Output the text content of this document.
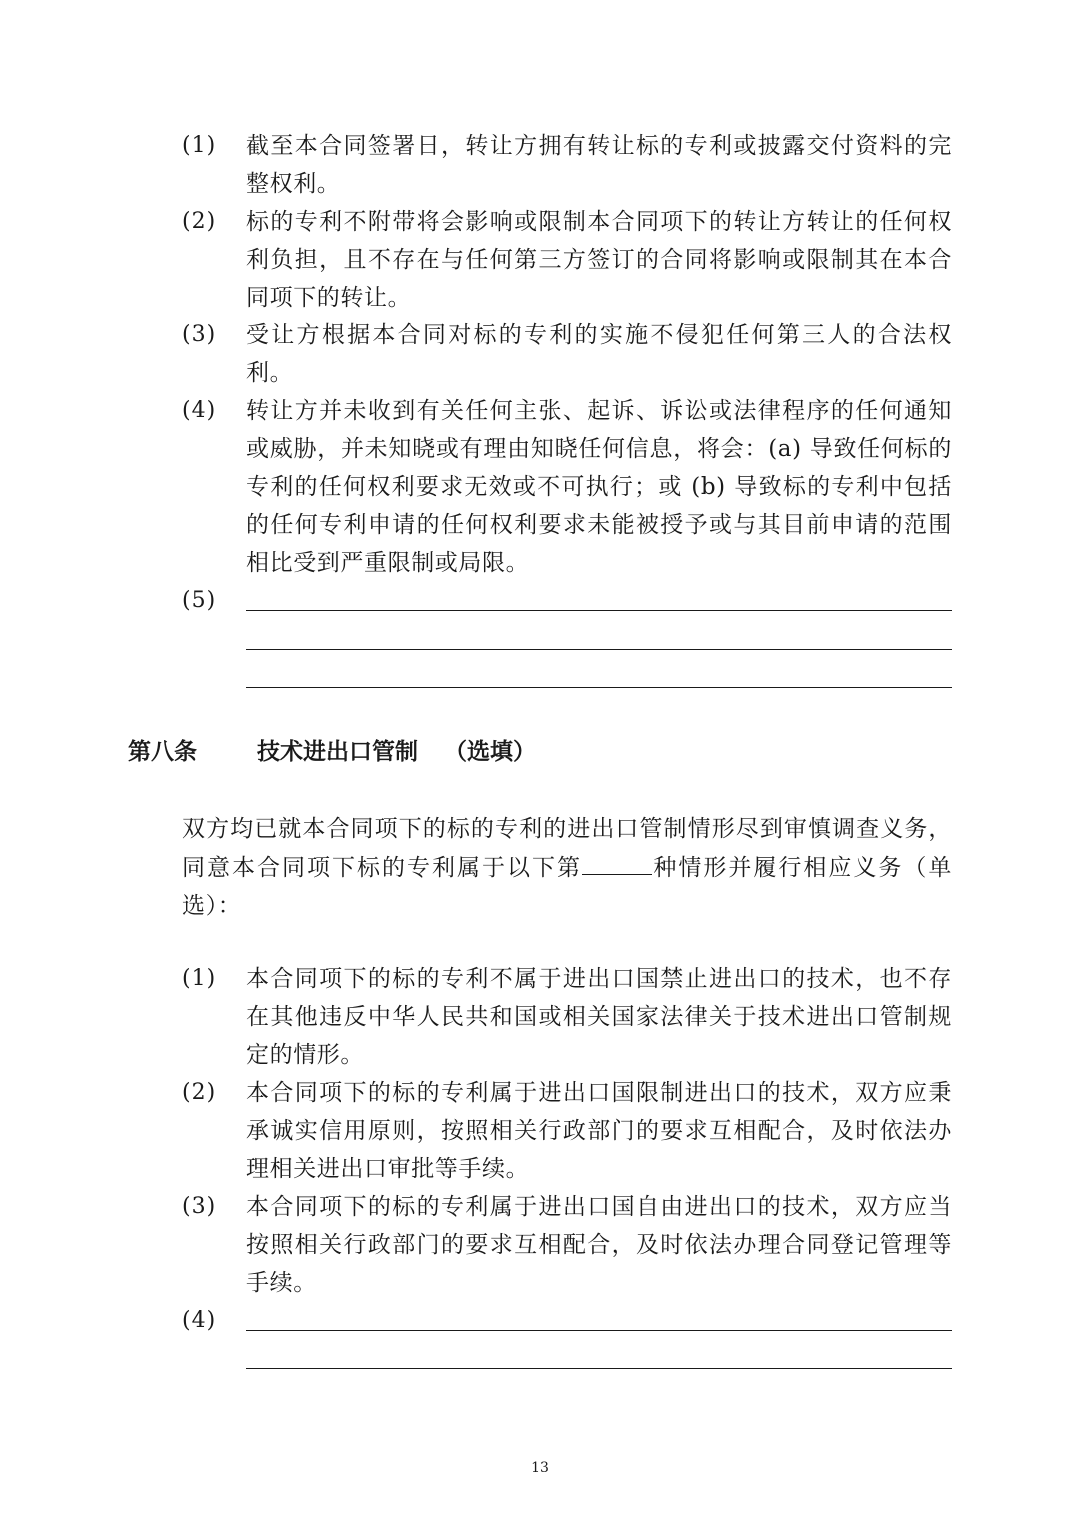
(1) 截至本合同签署日，转让方拥有转让标的专利或披露交付资料的完整权利。
(2) 标的专利不附带将会影响或限制本合同项下的转让方转让的任何权利负担，且不存在与任何第三方签订的合同将影响或限制其在本合同项下的转让。
(3) 受让方根据本合同对标的专利的实施不侵犯任何第三人的合法权利。
(4) 转让方并未收到有关任何主张、起诉、诉讼或法律程序的任何通知或威胁，并未知晓或有理由知晓任何信息，将会：(a) 导致任何标的专利的任何权利要求无效或不可执行；或 (b) 导致标的专利中包括的任何专利申请的任何权利要求未能被授予或与其目前申请的范围相比受到严重限制或局限。
(5)
第八条	技术进出口管制 （选填）
双方均已就本合同项下的标的专利的进出口管制情形尽到审慎调查义务，同意本合同项下标的专利属于以下第	种情形并履行相应义务（单选）：
(1) 本合同项下的标的专利不属于进出口国禁止进出口的技术，也不存在其他违反中华人民共和国或相关国家法律关于技术进出口管制规定的情形。
(2) 本合同项下的标的专利属于进出口国限制进出口的技术，双方应秉承诚实信用原则，按照相关行政部门的要求互相配合，及时依法办理相关进出口审批等手续。
(3) 本合同项下的标的专利属于进出口国自由进出口的技术，双方应当按照相关行政部门的要求互相配合，及时依法办理合同登记管理等手续。
(4)
13
